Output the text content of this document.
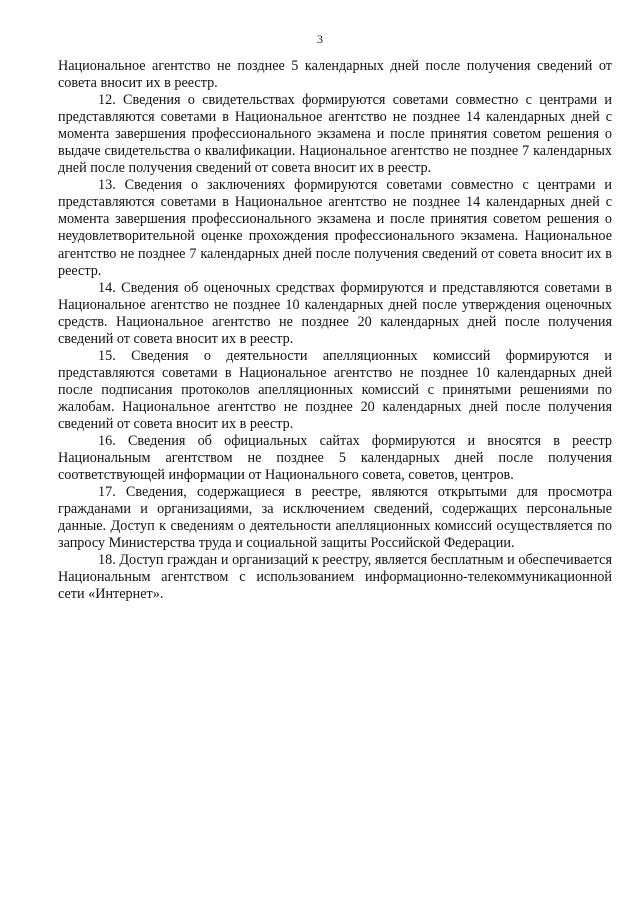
3

Национальное агентство не позднее 5 календарных дней после получения сведений от совета вносит их в реестр.

12. Сведения о свидетельствах формируются советами совместно с центрами и представляются советами в Национальное агентство не позднее 14 календарных дней с момента завершения профессионального экзамена и после принятия советом решения о выдаче свидетельства о квалификации. Национальное агентство не позднее 7 календарных дней после получения сведений от совета вносит их в реестр.

13. Сведения о заключениях формируются советами совместно с центрами и представляются советами в Национальное агентство не позднее 14 календарных дней с момента завершения профессионального экзамена и после принятия советом решения о неудовлетворительной оценке прохождения профессионального экзамена. Национальное агентство не позднее 7 календарных дней после получения сведений от совета вносит их в реестр.

14. Сведения об оценочных средствах формируются и представляются советами в Национальное агентство не позднее 10 календарных дней после утверждения оценочных средств. Национальное агентство не позднее 20 календарных дней после получения сведений от совета вносит их в реестр.

15. Сведения о деятельности апелляционных комиссий формируются и представляются советами в Национальное агентство не позднее 10 календарных дней после подписания протоколов апелляционных комиссий с принятыми решениями по жалобам. Национальное агентство не позднее 20 календарных дней после получения сведений от совета вносит их в реестр.

16. Сведения об официальных сайтах формируются и вносятся в реестр Национальным агентством не позднее 5 календарных дней после получения соответствующей информации от Национального совета, советов, центров.

17. Сведения, содержащиеся в реестре, являются открытыми для просмотра гражданами и организациями, за исключением сведений, содержащих персональные данные. Доступ к сведениям о деятельности апелляционных комиссий осуществляется по запросу Министерства труда и социальной защиты Российской Федерации.

18. Доступ граждан и организаций к реестру, является бесплатным и обеспечивается Национальным агентством с использованием информационно-телекоммуникационной сети «Интернет».
